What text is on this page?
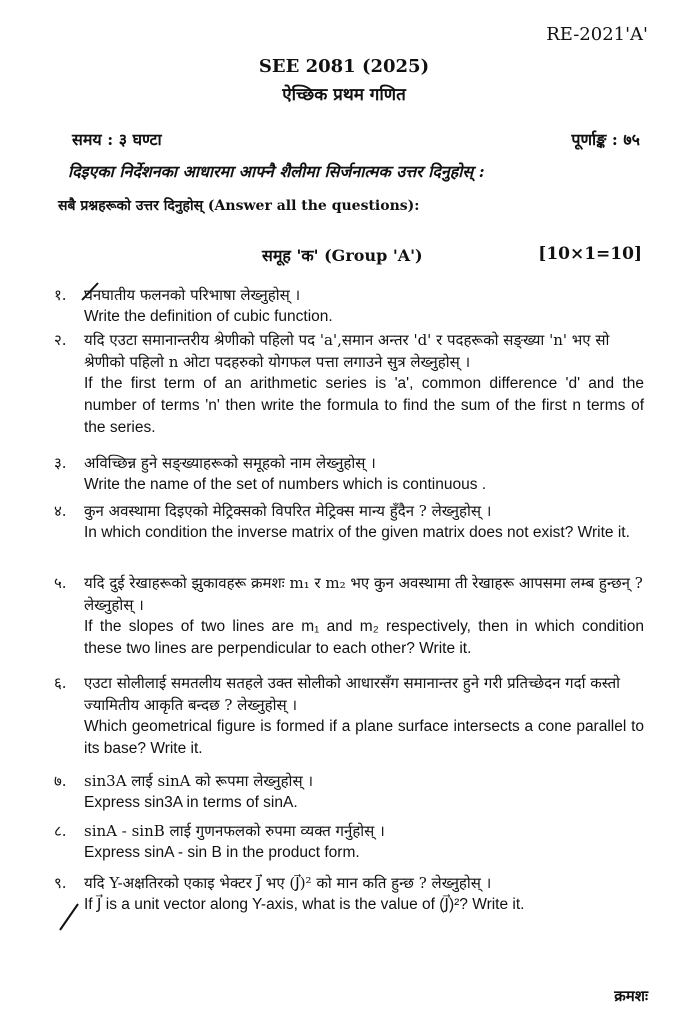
RE-2021'A'
SEE 2081 (2025)
ऐच्छिक प्रथम गणित
समय : ३ घण्टा	पूर्णाङ्क : ७५
दिइएका निर्देशनका आधारमा आफ्नै शैलीमा सिर्जनात्मक उत्तर दिनुहोस् :
सबै प्रश्नहरूको उत्तर दिनुहोस् (Answer all the questions):
समूह 'क' (Group 'A')	[10×1=10]
१.	घनघातीय फलनको परिभाषा लेख्नुहोस् ।
Write the definition of cubic function.
२.	यदि एउटा समानान्तरीय श्रेणीको पहिलो पद 'a',समान अन्तर 'd' र पदहरूको सङ्ख्या 'n' भए सो श्रेणीको पहिलो n ओटा पदहरुको योगफल पत्ता लगाउने सुत्र लेख्नुहोस् ।
If the first term of an arithmetic series is 'a', common difference 'd' and the number of terms 'n' then write the formula to find the sum of the first n terms of the series.
३.	अविच्छिन्न हुने सङ्ख्याहरूको समूहको नाम लेख्नुहोस् ।
Write the name of the set of numbers which is continuous .
४.	कुन अवस्थामा दिइएको मेट्रिक्सको विपरित मेट्रिक्स मान्य हुँदैन ? लेख्नुहोस् ।
In which condition the inverse matrix of the given matrix does not exist? Write it.
५.	यदि दुई रेखाहरूको झुकावहरू क्रमशः m₁ र m₂ भए कुन अवस्थामा ती रेखाहरू आपसमा लम्ब हुन्छन् ? लेख्नुहोस् ।
If the slopes of two lines are m₁ and m₂ respectively, then in which condition these two lines are perpendicular to each other? Write it.
६.	एउटा सोलीलाई समतलीय सतहले उक्त सोलीको आधारसँग समानान्तर हुने गरी प्रतिच्छेदन गर्दा कस्तो ज्यामितीय आकृति बन्दछ ? लेख्नुहोस् ।
Which geometrical figure is formed if a plane surface intersects a cone parallel to its base? Write it.
७.	sin3A लाई sinA को रूपमा लेख्नुहोस् ।
Express sin3A in terms of sinA.
८.	sinA - sinB लाई गुणनफलको रुपमा व्यक्त गर्नुहोस् ।
Express sinA - sin B in the product form.
९.	यदि Y-अक्षतिरको एकाइ भेक्टर J⃗ भए (J⃗)² को मान कति हुन्छ ? लेख्नुहोस् ।
If J⃗ is a unit vector along Y-axis, what is the value of (J⃗)²? Write it.
क्रमशः
